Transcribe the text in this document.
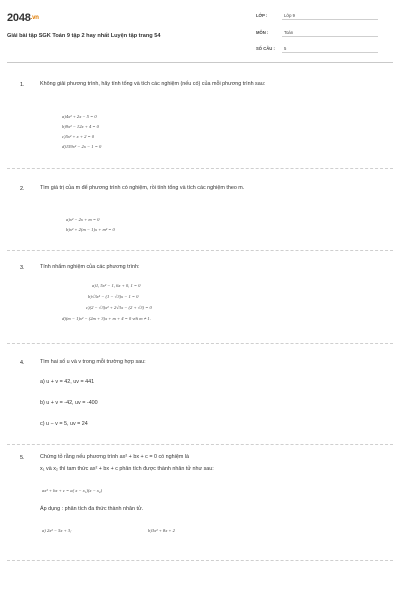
2048.vn
Giải bài tập SGK Toán 9 tập 2 hay nhất Luyện tập trang 54
LỚP :	Lớp 9
MÔN :	Toán
SỐ CÂU : 5
1.	Không giải phương trình, hãy tính tổng và tích các nghiệm (nếu có) của mỗi phương trình sau:
a)4x² + 2x − 5 = 0
b)9x² − 12x + 4 = 0
c)5x² + x + 2 = 0
d)159x² − 2x − 1 = 0
2.	Tìm giá trị của m để phương trình có nghiệm, rồi tính tổng và tích các nghiệm theo m.
a)x² − 2x + m = 0
b)x² + 2(m − 1)x + m² = 0
3.	Tính nhẩm nghiệm của các phương trình:
a)1, 5x² − 1, 6x + 0, 1 = 0
b)√3x² − (1 − √3)x − 1 = 0
c)(2 − √3)x² + 2√3x − (2 + √3) = 0
d)(m − 1)x² − (2m + 3)x + m + 4 = 0 với m ≠ 1.
4.	Tìm hai số u và v trong mỗi trường hợp sau:
a) u + v = 42, uv = 441
b) u + v = -42, uv = -400
c) u − v = 5, uv = 24
5.	Chứng tỏ rằng nếu phương trình ax² + bx + c = 0 có nghiệm là
x₁ và x₂ thì tam thức ax² + bx + c phân tích được thành nhân tử như sau:
ax² + bx + c = a( x − x₁)(x − x₂)
Áp dụng : phân tích đa thức thành nhân tử.
a) 2x² − 5x + 3;	b)3x² + 8x + 2
